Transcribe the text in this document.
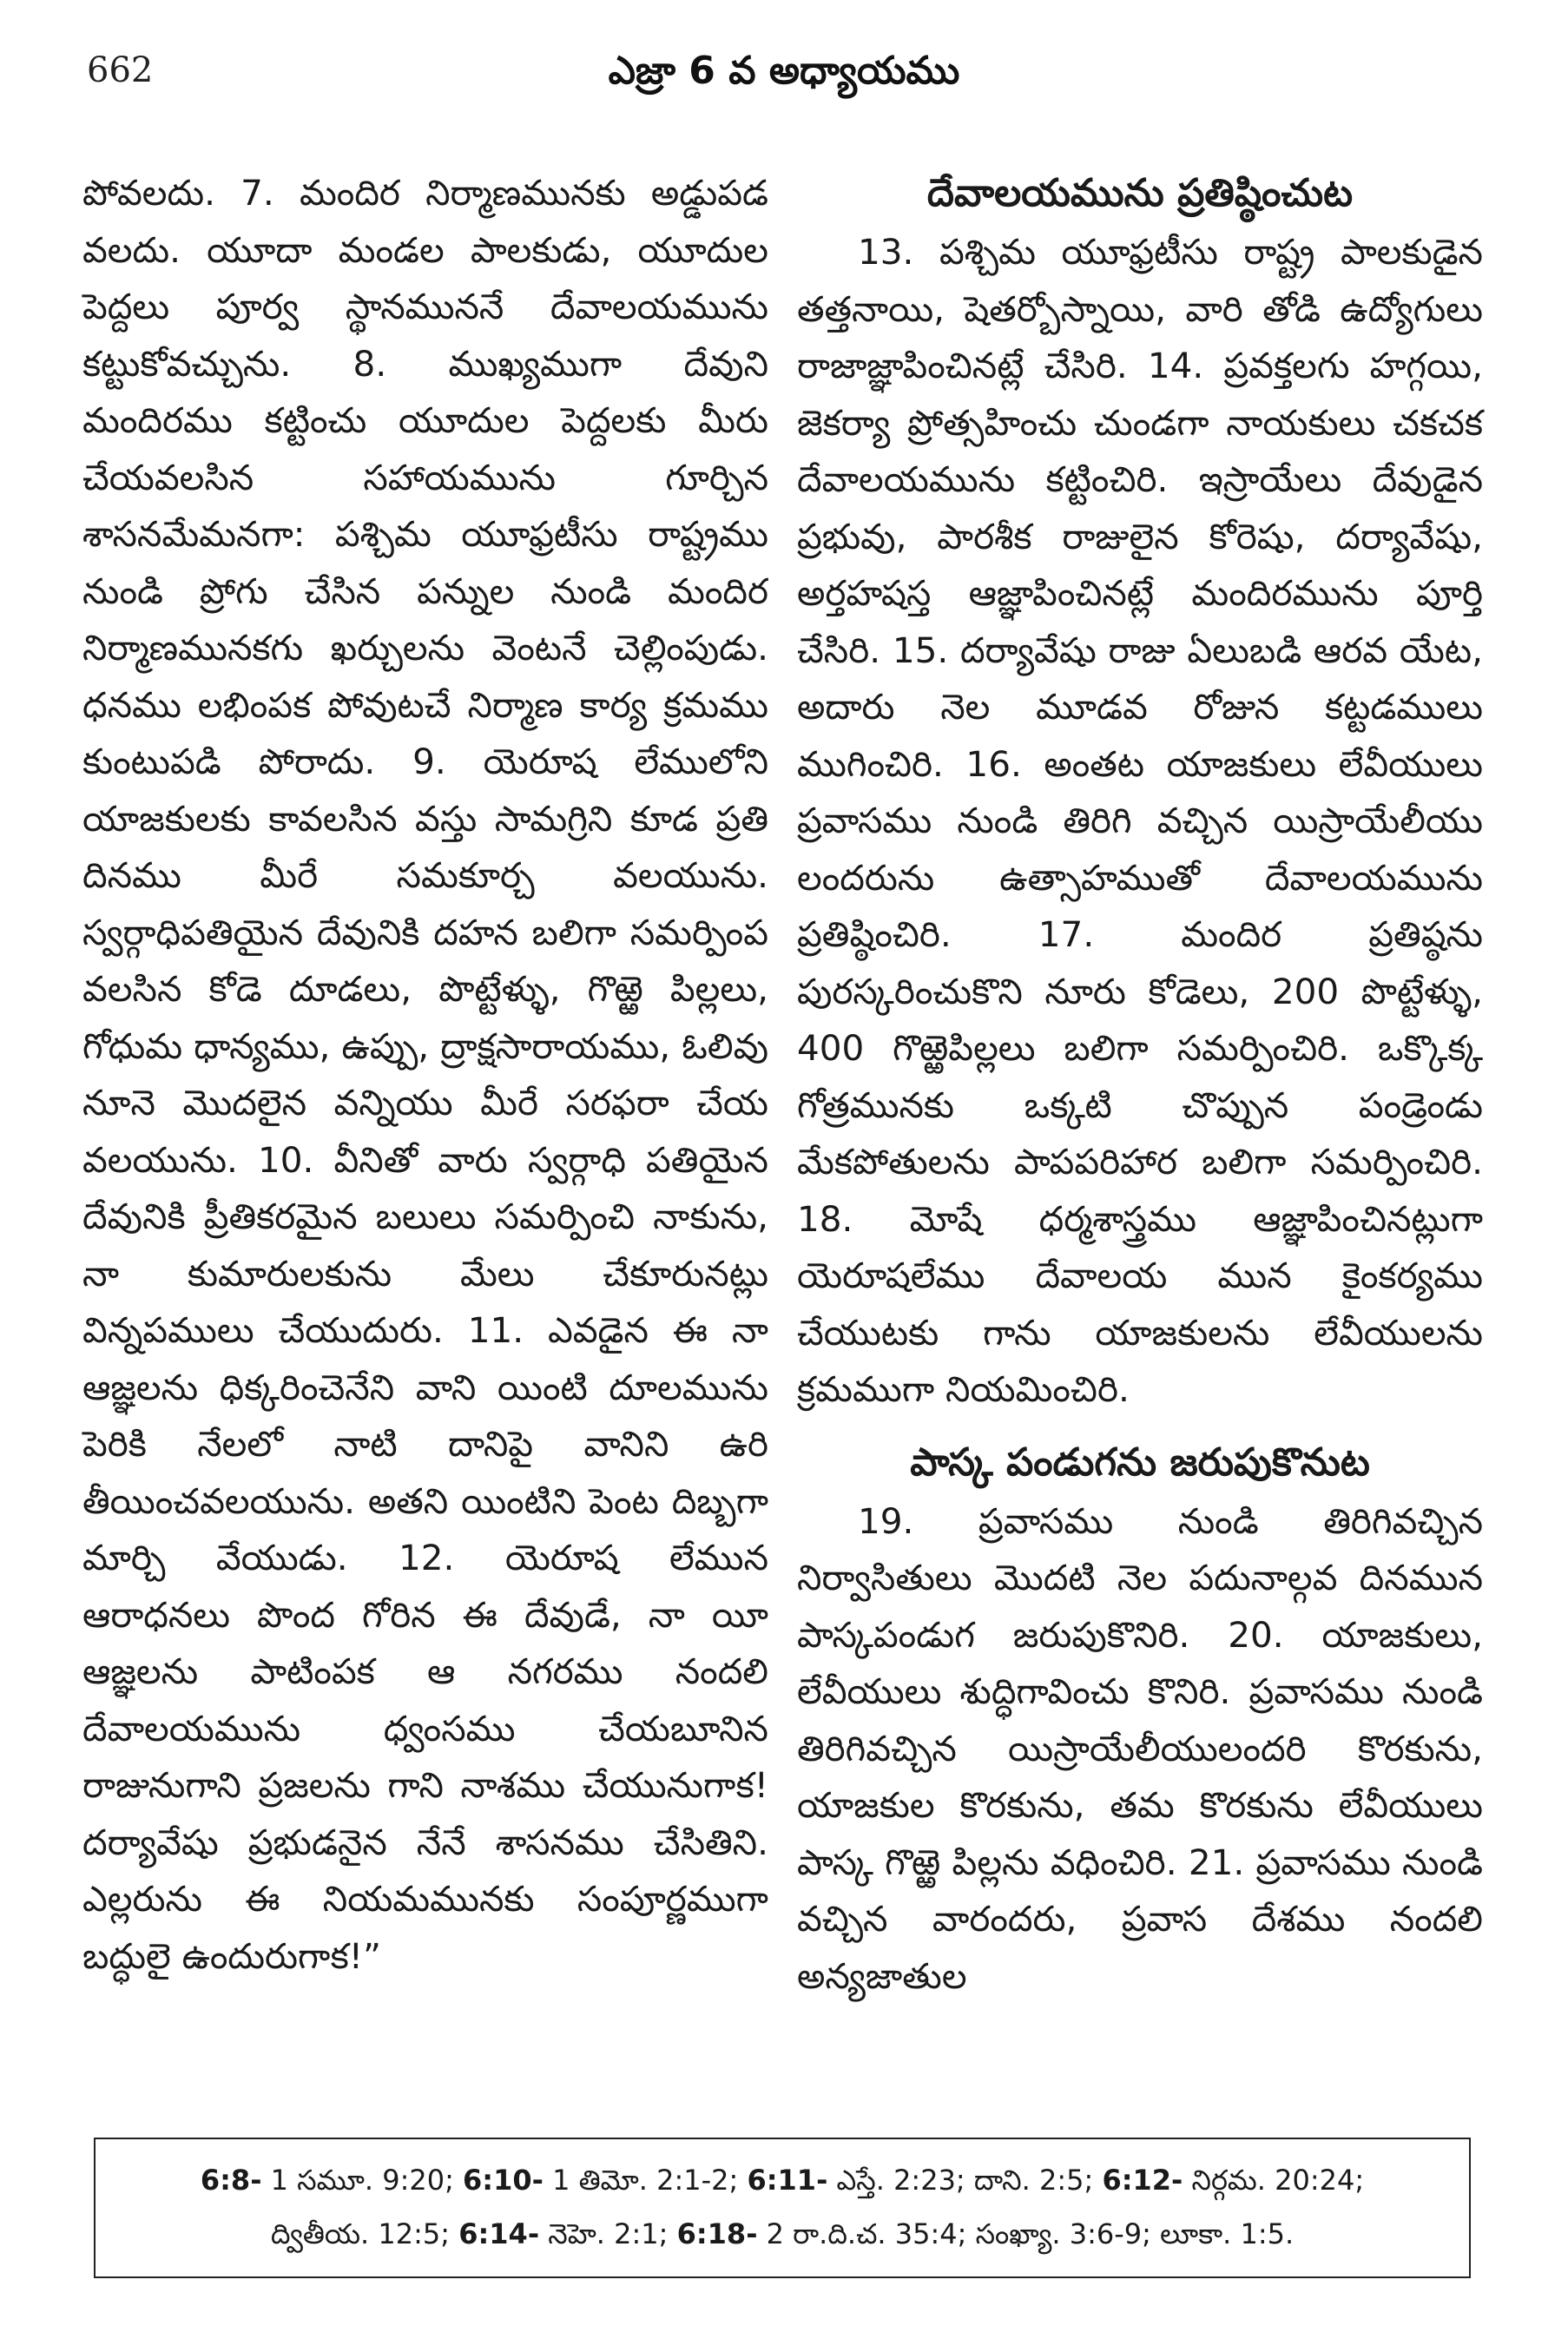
662	ఎజ్రా 6 వ అధ్యాయము

పోవలదు. 7. మందిర నిర్మాణమునకు అడ్డుపడ వలదు. యూదా మండల పాలకుడు, యూదుల పెద్దలు పూర్వ స్థానముననే దేవాలయమును కట్టుకోవచ్చును. 8. ముఖ్యముగా దేవుని మందిరము కట్టించు యూదుల పెద్దలకు మీరు చేయవలసిన సహాయమును గూర్చిన శాసనమేమనగా: పశ్చిమ యూఫ్రటీసు రాష్ట్రము నుండి ప్రోగు చేసిన పన్నుల నుండి మందిర నిర్మాణమునకగు ఖర్చులను వెంటనే చెల్లింపుడు. ధనము లభింపక పోవుటచే నిర్మాణ కార్య క్రమము కుంటుపడి పోరాదు. 9. యెరూష లేములోని యాజకులకు కావలసిన వస్తు సామగ్రిని కూడ ప్రతి దినము మీరే సమకూర్చ వలయును. స్వర్గాధిపతియైన దేవునికి దహన బలిగా సమర్పింప వలసిన కోడె దూడలు, పొట్టేళ్ళు, గొఱ్ఱె పిల్లలు, గోధుమ ధాన్యము, ఉప్పు, ద్రాక్షసారాయము, ఓలివు నూనె మొదలైన వన్నియు మీరే సరఫరా చేయ వలయును. 10. వీనితో వారు స్వర్గాధి పతియైన దేవునికి ప్రీతికరమైన బలులు సమర్పించి నాకును, నా కుమారులకును మేలు చేకూరునట్లు విన్నపములు చేయుదురు. 11. ఎవడైన ఈ నా ఆజ్ఞలను ధిక్కరించెనేని వాని యింటి దూలమును పెరికి నేలలో నాటి దానిపై వానిని ఉరి తీయించవలయును. అతని యింటిని పెంట దిబ్బగా మార్చి వేయుడు. 12. యెరూష లేమున ఆరాధనలు పొంద గోరిన ఈ దేవుడే, నా యీ ఆజ్ఞలను పాటింపక ఆ నగరము నందలి దేవాలయమును ధ్వంసము చేయబూనిన రాజునుగాని ప్రజలను గాని నాశము చేయునుగాక! దర్యావేషు ప్రభుడనైన నేనే శాసనము చేసితిని. ఎల్లరును ఈ నియమమునకు సంపూర్ణముగా బద్ధులై ఉందురుగాక!”

దేవాలయమును ప్రతిష్ఠించుట

13. పశ్చిమ యూఫ్రటీసు రాష్ట్ర పాలకుడైన తత్తనాయి, షెతర్బోస్నాయి, వారి తోడి ఉద్యోగులు రాజాజ్ఞాపించినట్లే చేసిరి. 14. ప్రవక్తలగు హగ్గయి, జెకర్యా ప్రోత్సహించు చుండగా నాయకులు చకచక దేవాలయమును కట్టించిరి. ఇస్రాయేలు దేవుడైన ప్రభువు, పారశీక రాజులైన కోరెషు, దర్యావేషు, అర్తహషస్త ఆజ్ఞాపించినట్లే మందిరమును పూర్తి చేసిరి. 15. దర్యావేషు రాజు ఏలుబడి ఆరవ యేట, అదారు నెల మూడవ రోజున కట్టడములు ముగించిరి. 16. అంతట యాజకులు లేవీయులు ప్రవాసము నుండి తిరిగి వచ్చిన యిస్రాయేలీయు లందరును ఉత్సాహముతో దేవాలయమును ప్రతిష్ఠించిరి. 17. మందిర ప్రతిష్ఠను పురస్కరించుకొని నూరు కోడెలు, 200 పొట్టేళ్ళు, 400 గొఱ్ఱెపిల్లలు బలిగా సమర్పించిరి. ఒక్కొక్క గోత్రమునకు ఒక్కటి చొప్పున పండ్రెండు మేకపోతులను పాపపరిహార బలిగా సమర్పించిరి. 18. మోషే ధర్మశాస్త్రము ఆజ్ఞాపించినట్లుగా యెరూషలేము దేవాలయ మున కైంకర్యము చేయుటకు గాను యాజకులను లేవీయులను క్రమముగా నియమించిరి.

పాస్క పండుగను జరుపుకొనుట

19. ప్రవాసము నుండి తిరిగివచ్చిన నిర్వాసితులు మొదటి నెల పదునాల్గవ దినమున పాస్కపండుగ జరుపుకొనిరి. 20. యాజకులు, లేవీయులు శుద్ధిగావించు కొనిరి. ప్రవాసము నుండి తిరిగివచ్చిన యిస్రాయేలీయులందరి కొరకును, యాజకుల కొరకును, తమ కొరకును లేవీయులు పాస్క గొఱ్ఱె పిల్లను వధించిరి. 21. ప్రవాసము నుండి వచ్చిన వారందరు, ప్రవాస దేశము నందలి అన్యజాతుల

6:8- 1 సమూ. 9:20; 6:10- 1 తిమో. 2:1-2; 6:11- ఎస్తే. 2:23; దాని. 2:5; 6:12- నిర్గమ. 20:24;
ద్వితీయ. 12:5; 6:14- నెహె. 2:1; 6:18- 2 రా.ది.చ. 35:4; సంఖ్యా. 3:6-9; లూకా. 1:5.
